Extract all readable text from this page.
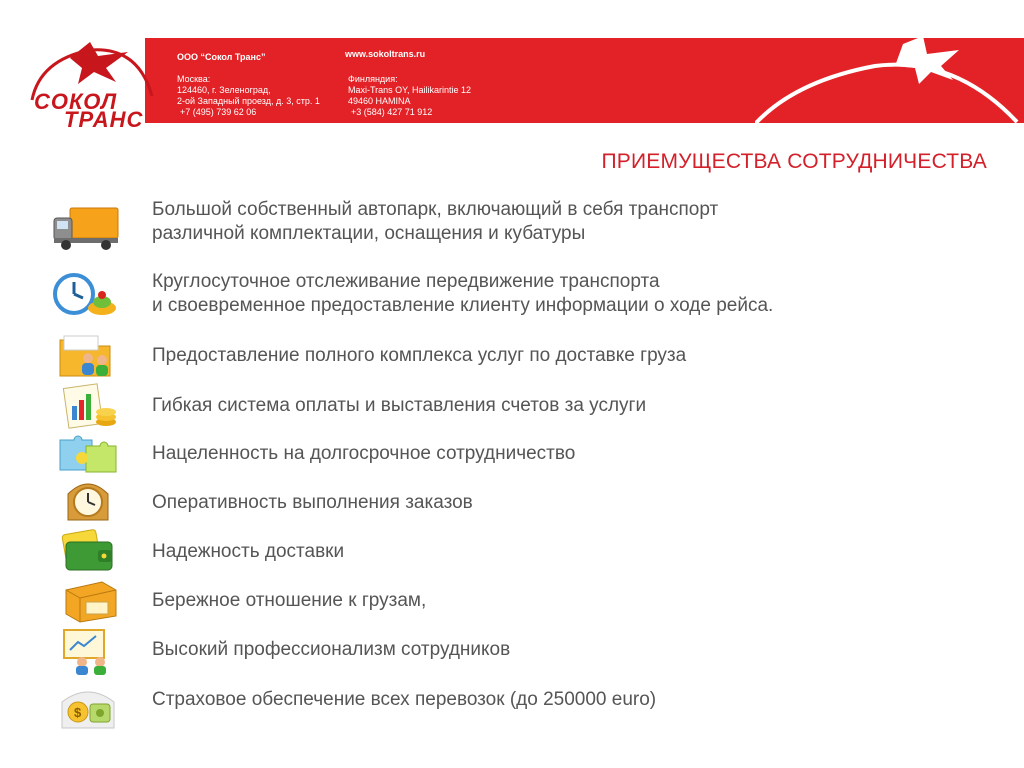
СОКОЛ
ТРАНС
ООО “Сокол Транс”	www.sokoltrans.ru
Москва:
124460, г. Зеленоград,
2-ой Западный проезд, д. 3, стр. 1
+7 (495) 739 62 06
Финляндия:
Maxi-Trans OY, Hailikarintie 12
49460 HAMINA
+3 (584) 427 71 912
ПРИЕМУЩЕСТВА СОТРУДНИЧЕСТВА
Большой собственный автопарк, включающий в себя транспорт
различной комплектации, оснащения и кубатуры
Круглосуточное отслеживание передвижение транспорта
и своевременное предоставление клиенту информации о ходе рейса.
Предоставление полного комплекса услуг по доставке груза
Гибкая система оплаты и выставления счетов за услуги
Нацеленность на долгосрочное сотрудничество
Оперативность выполнения заказов
Надежность доставки
Бережное отношение к грузам,
Высокий профессионализм сотрудников
$
Страховое обеспечение всех перевозок (до 250000 euro)
